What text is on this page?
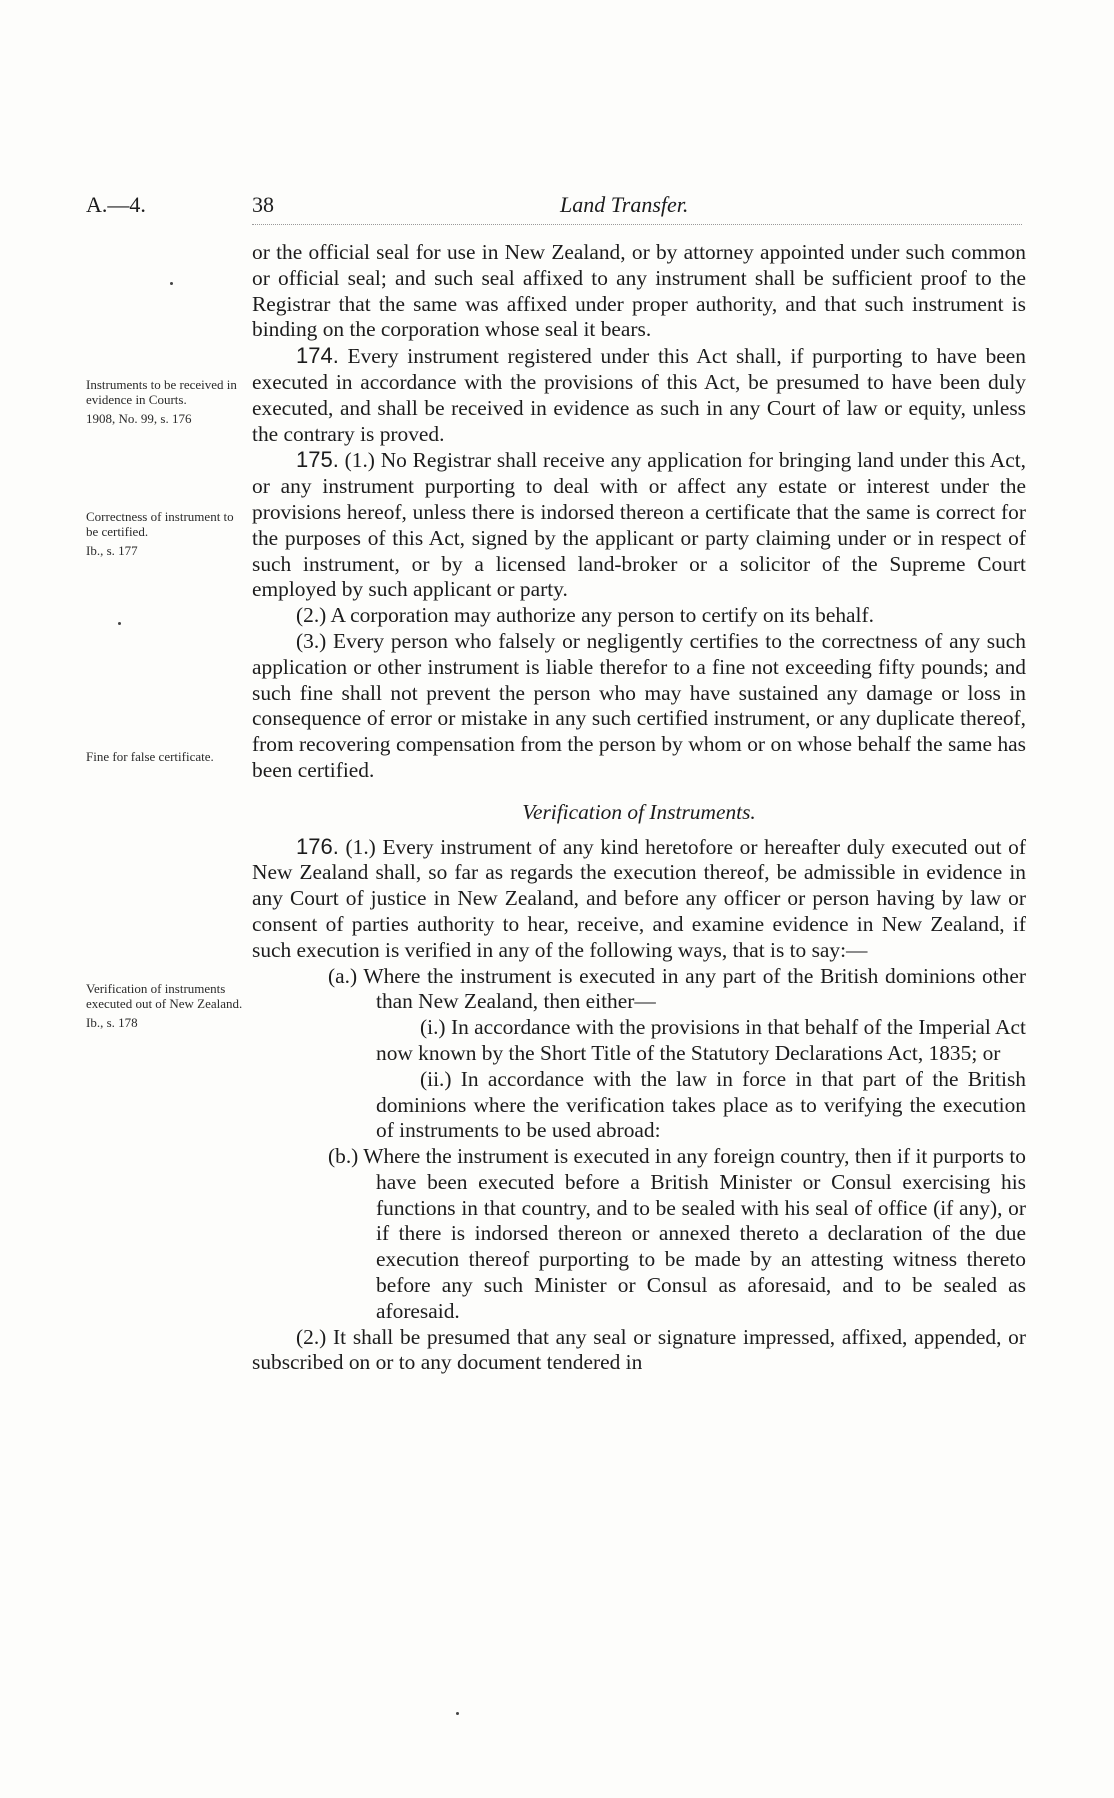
A.—4.	38	Land Transfer.
Instruments to be received in evidence in Courts.
1908, No. 99, s. 176
Correctness of instrument to be certified.
Ib., s. 177
Fine for false certificate.
Verification of instruments executed out of New Zealand.
Ib., s. 178

or the official seal for use in New Zealand, or by attorney appointed under such common or official seal; and such seal affixed to any instrument shall be sufficient proof to the Registrar that the same was affixed under proper authority, and that such instrument is binding on the corporation whose seal it bears.

174. Every instrument registered under this Act shall, if purporting to have been executed in accordance with the provisions of this Act, be presumed to have been duly executed, and shall be received in evidence as such in any Court of law or equity, unless the contrary is proved.

175. (1.) No Registrar shall receive any application for bringing land under this Act, or any instrument purporting to deal with or affect any estate or interest under the provisions hereof, unless there is indorsed thereon a certificate that the same is correct for the purposes of this Act, signed by the applicant or party claiming under or in respect of such instrument, or by a licensed land-broker or a solicitor of the Supreme Court employed by such applicant or party.

(2.) A corporation may authorize any person to certify on its behalf.

(3.) Every person who falsely or negligently certifies to the correctness of any such application or other instrument is liable therefor to a fine not exceeding fifty pounds; and such fine shall not prevent the person who may have sustained any damage or loss in consequence of error or mistake in any such certified instrument, or any duplicate thereof, from recovering compensation from the person by whom or on whose behalf the same has been certified.

Verification of Instruments.

176. (1.) Every instrument of any kind heretofore or hereafter duly executed out of New Zealand shall, so far as regards the execution thereof, be admissible in evidence in any Court of justice in New Zealand, and before any officer or person having by law or consent of parties authority to hear, receive, and examine evidence in New Zealand, if such execution is verified in any of the following ways, that is to say:—

(a.) Where the instrument is executed in any part of the British dominions other than New Zealand, then either—

(i.) In accordance with the provisions in that behalf of the Imperial Act now known by the Short Title of the Statutory Declarations Act, 1835; or

(ii.) In accordance with the law in force in that part of the British dominions where the verification takes place as to verifying the execution of instruments to be used abroad:

(b.) Where the instrument is executed in any foreign country, then if it purports to have been executed before a British Minister or Consul exercising his functions in that country, and to be sealed with his seal of office (if any), or if there is indorsed thereon or annexed thereto a declaration of the due execution thereof purporting to be made by an attesting witness thereto before any such Minister or Consul as aforesaid, and to be sealed as aforesaid.

(2.) It shall be presumed that any seal or signature impressed, affixed, appended, or subscribed on or to any document tendered in
